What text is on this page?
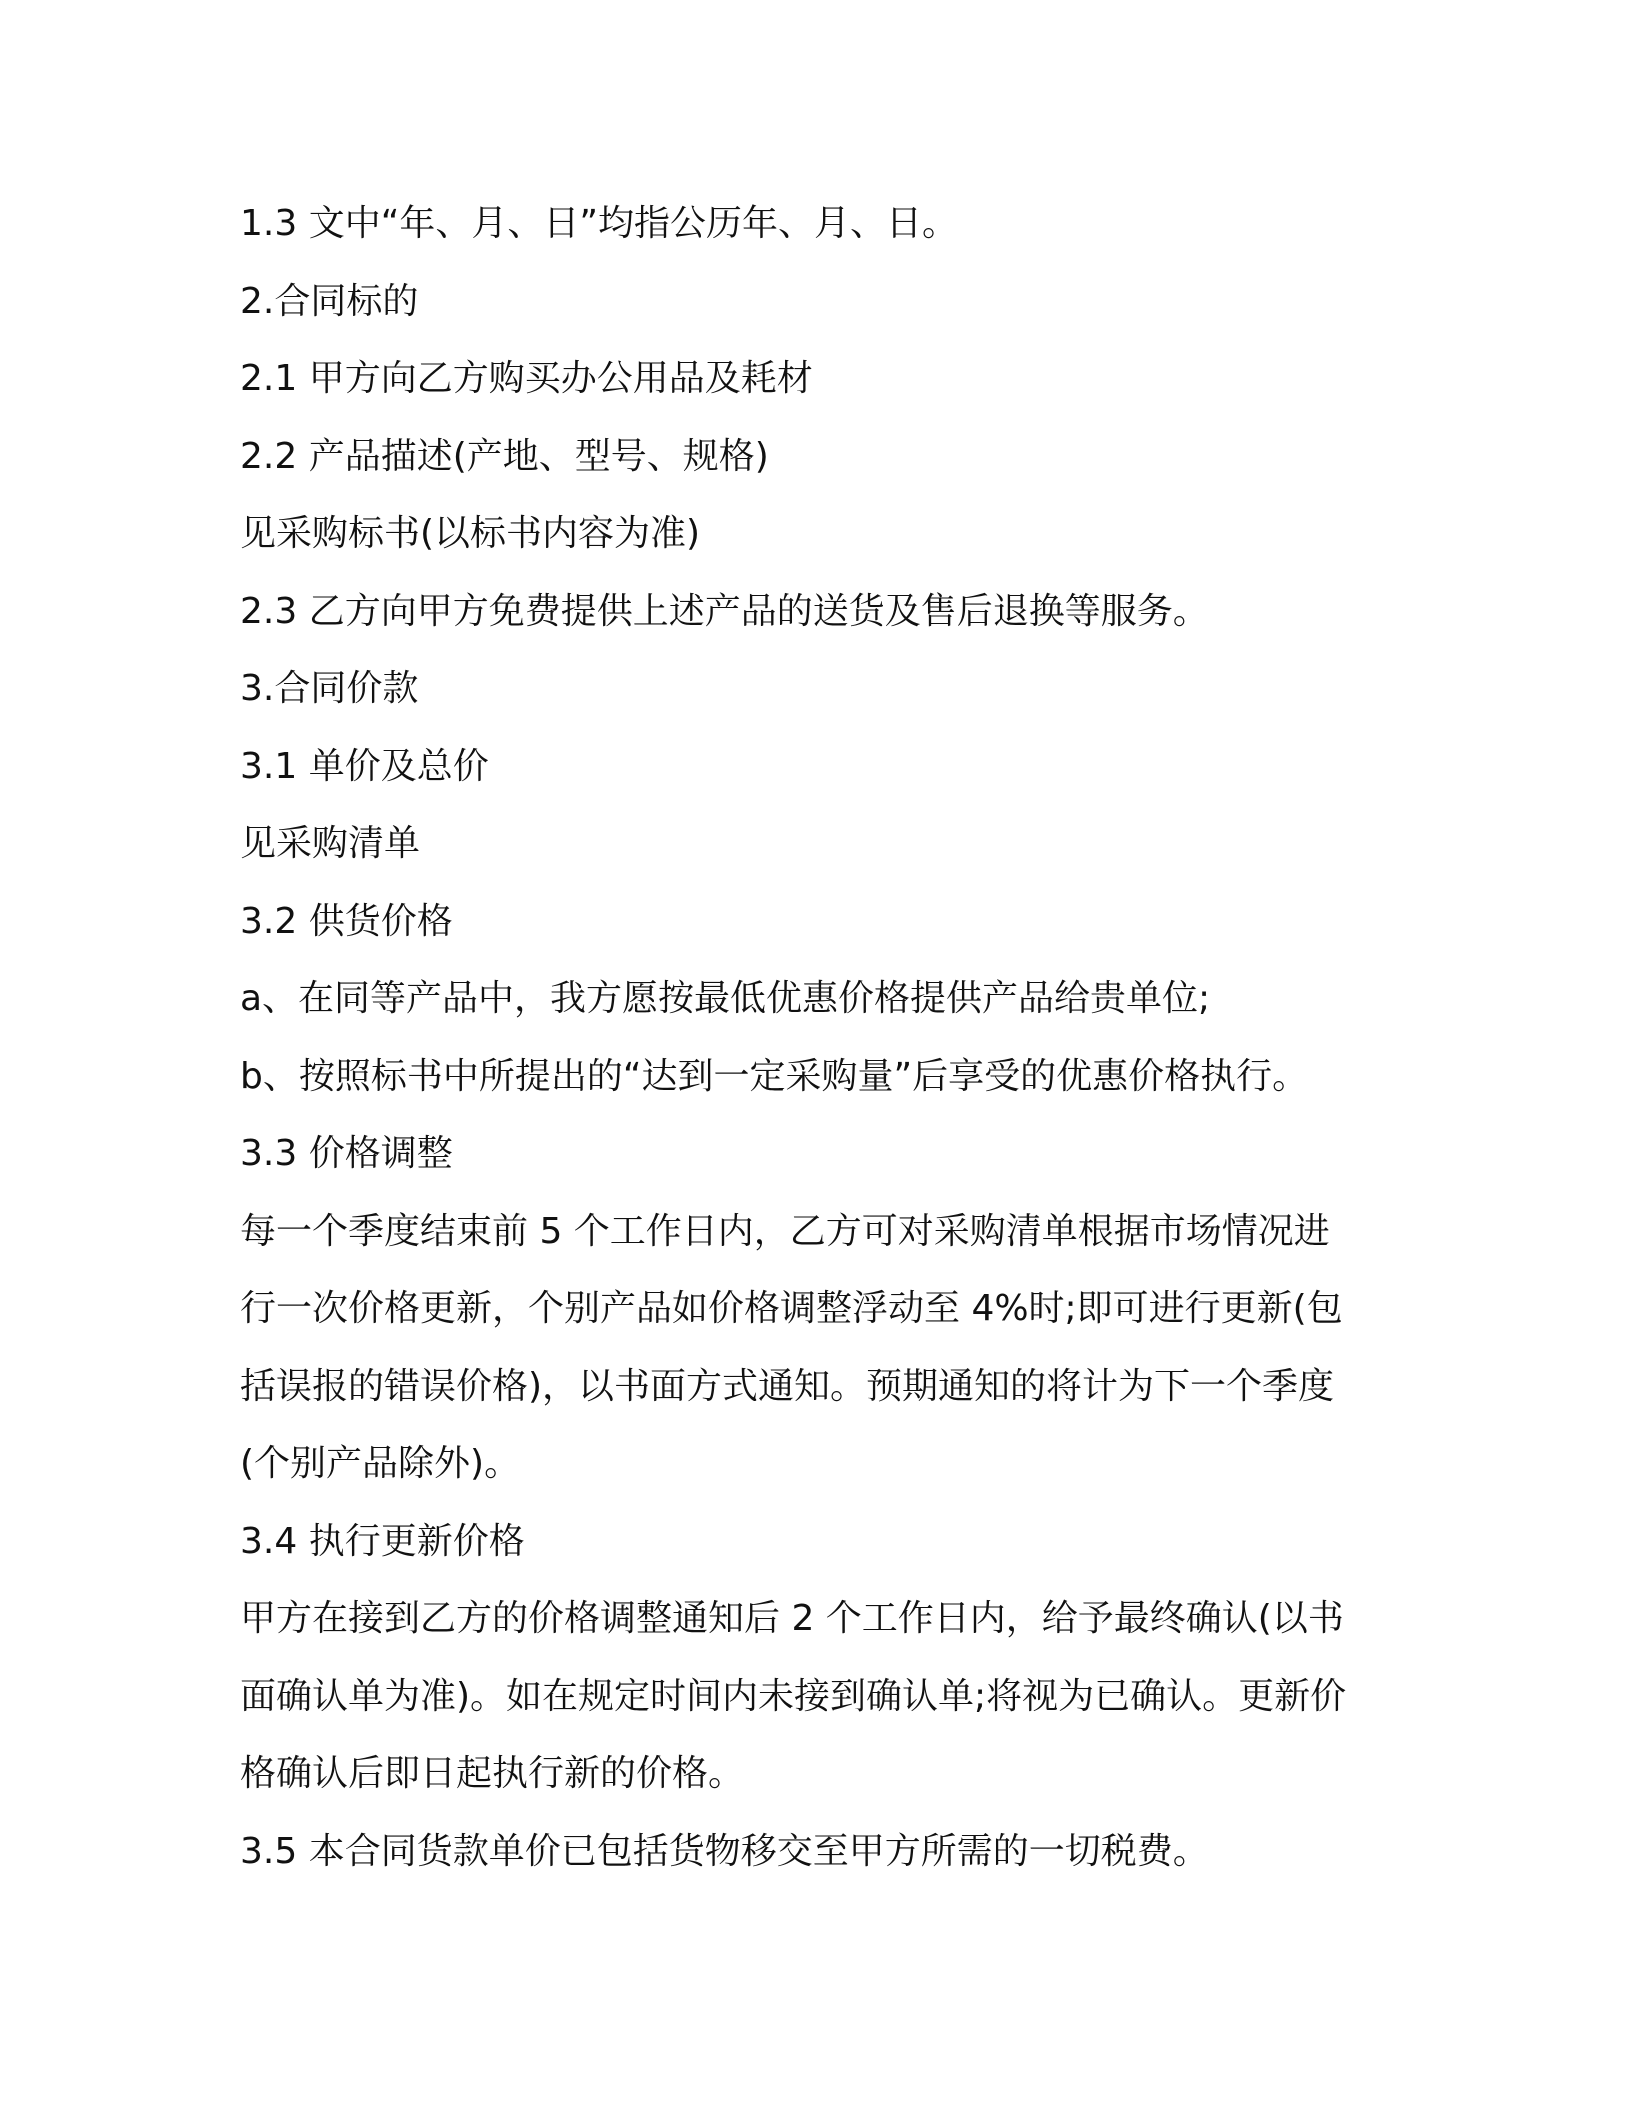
1.3 文中“年、月、日”均指公历年、月、日。
2.合同标的
2.1 甲方向乙方购买办公用品及耗材
2.2 产品描述(产地、型号、规格)
见采购标书(以标书内容为准)
2.3 乙方向甲方免费提供上述产品的送货及售后退换等服务。
3.合同价款
3.1 单价及总价
见采购清单
3.2 供货价格
a、在同等产品中，我方愿按最低优惠价格提供产品给贵单位;
b、按照标书中所提出的“达到一定采购量”后享受的优惠价格执行。
3.3 价格调整
每一个季度结束前 5 个工作日内，乙方可对采购清单根据市场情况进
行一次价格更新，个别产品如价格调整浮动至 4%时;即可进行更新(包
括误报的错误价格)，以书面方式通知。预期通知的将计为下一个季度
(个别产品除外)。
3.4 执行更新价格
甲方在接到乙方的价格调整通知后 2 个工作日内，给予最终确认(以书
面确认单为准)。如在规定时间内未接到确认单;将视为已确认。更新价
格确认后即日起执行新的价格。
3.5 本合同货款单价已包括货物移交至甲方所需的一切税费。
